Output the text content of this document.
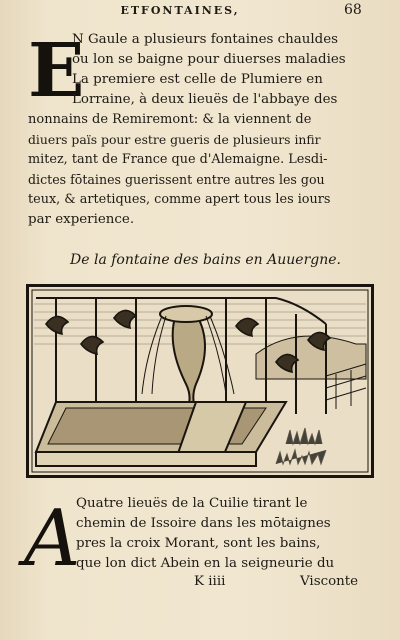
ETFONTAINES,	68
E
N Gaule a plusieurs fontaines chauldes
ou lon se baigne pour diuerses maladies
La premiere est celle de Plumiere en
Lorraine, à deux lieuës de l'abbaye des
nonnains de Remiremont: & la viennent de
diuers païs pour estre gueris de plusieurs infir
mitez, tant de France que d'Alemaigne. Lesdi-
dictes fōtaines guerissent entre autres les gou
teux, & artetiques, comme apert tous les iours
par experience.
De la fontaine des bains en Auuergne.
A
Quatre lieuës de la Cuilie tirant le
chemin de Issoire dans les mōtaignes
pres la croix Morant, sont les bains,
que lon dict Abein en la seigneurie du
K iiii	Visconte
